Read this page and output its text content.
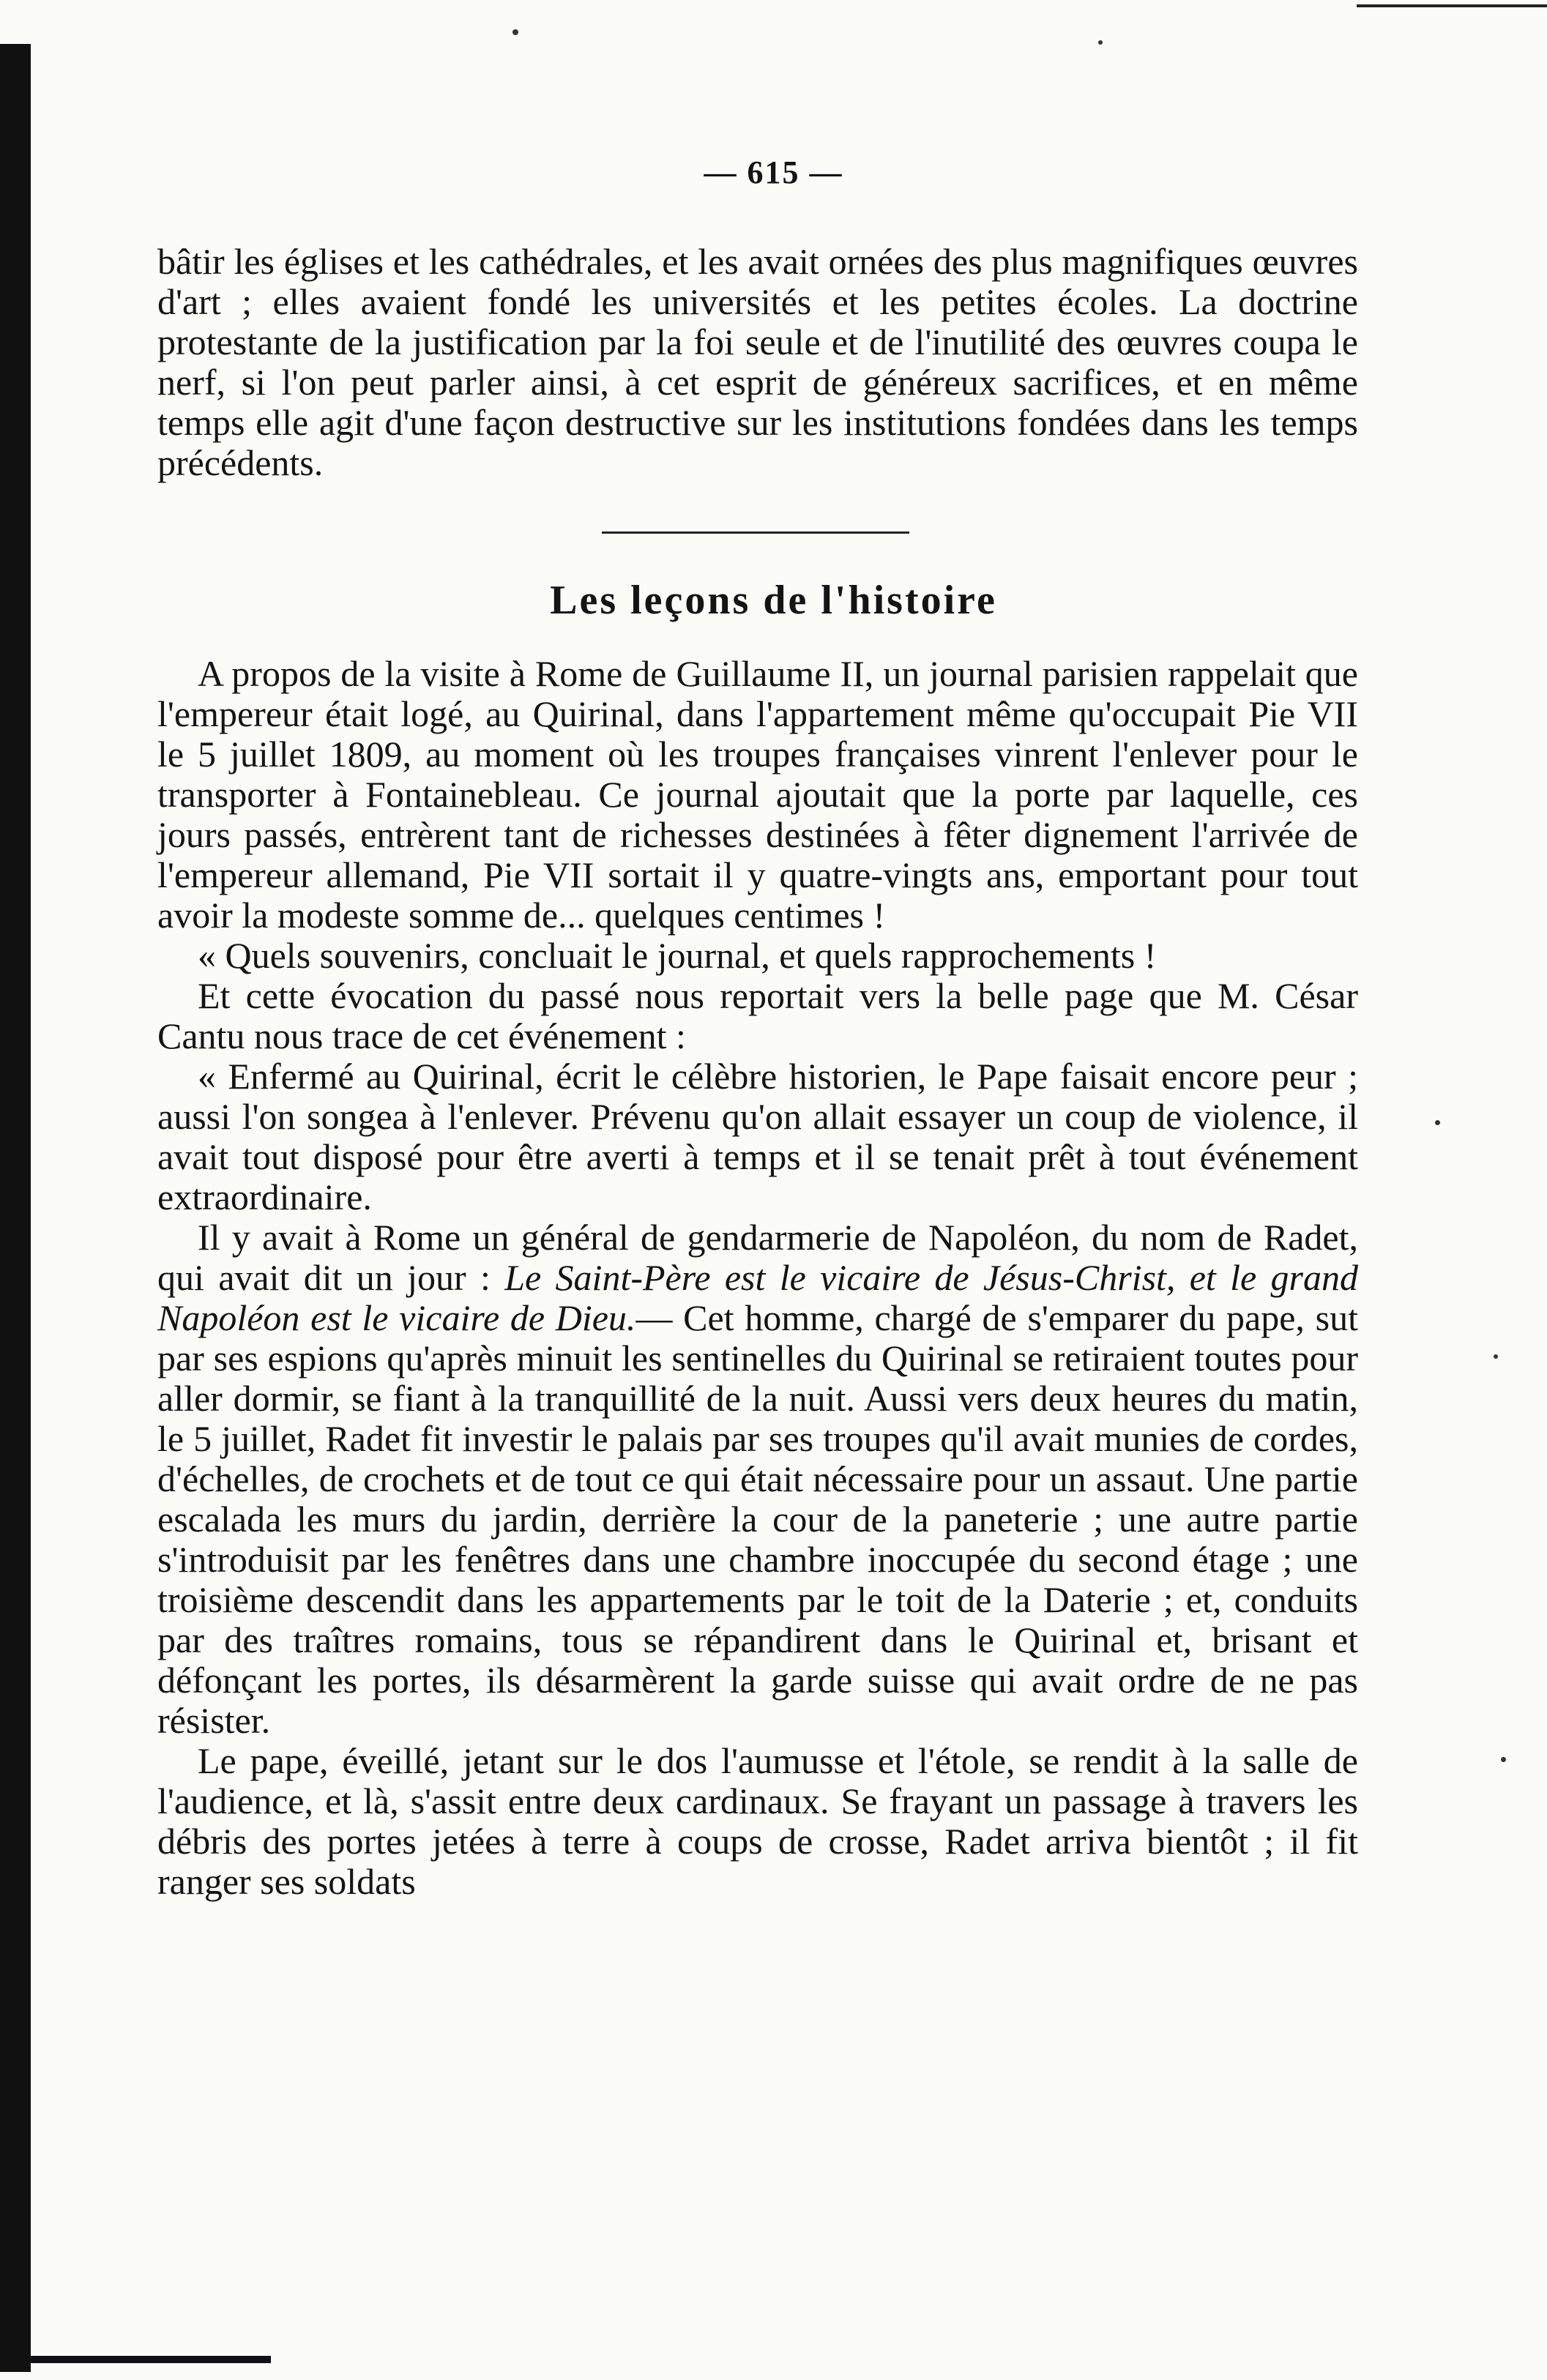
— 615 —

bâtir les églises et les cathédrales, et les avait ornées des plus magnifiques œuvres d'art ; elles avaient fondé les universités et les petites écoles. La doctrine protestante de la justification par la foi seule et de l'inutilité des œuvres coupa le nerf, si l'on peut parler ainsi, à cet esprit de généreux sacrifices, et en même temps elle agit d'une façon destructive sur les institutions fondées dans les temps précédents.

Les leçons de l'histoire

A propos de la visite à Rome de Guillaume II, un journal parisien rappelait que l'empereur était logé, au Quirinal, dans l'appartement même qu'occupait Pie VII le 5 juillet 1809, au moment où les troupes françaises vinrent l'enlever pour le transporter à Fontainebleau. Ce journal ajoutait que la porte par laquelle, ces jours passés, entrèrent tant de richesses destinées à fêter dignement l'arrivée de l'empereur allemand, Pie VII sortait il y quatre-vingts ans, emportant pour tout avoir la modeste somme de... quelques centimes !

« Quels souvenirs, concluait le journal, et quels rapprochements !

Et cette évocation du passé nous reportait vers la belle page que M. César Cantu nous trace de cet événement :

« Enfermé au Quirinal, écrit le célèbre historien, le Pape faisait encore peur ; aussi l'on songea à l'enlever. Prévenu qu'on allait essayer un coup de violence, il avait tout disposé pour être averti à temps et il se tenait prêt à tout événement extraordinaire.

Il y avait à Rome un général de gendarmerie de Napoléon, du nom de Radet, qui avait dit un jour : Le Saint-Père est le vicaire de Jésus-Christ, et le grand Napoléon est le vicaire de Dieu.— Cet homme, chargé de s'emparer du pape, sut par ses espions qu'après minuit les sentinelles du Quirinal se retiraient toutes pour aller dormir, se fiant à la tranquillité de la nuit. Aussi vers deux heures du matin, le 5 juillet, Radet fit investir le palais par ses troupes qu'il avait munies de cordes, d'échelles, de crochets et de tout ce qui était nécessaire pour un assaut. Une partie escalada les murs du jardin, derrière la cour de la paneterie ; une autre partie s'introduisit par les fenêtres dans une chambre inoccupée du second étage ; une troisième descendit dans les appartements par le toit de la Daterie ; et, conduits par des traîtres romains, tous se répandirent dans le Quirinal et, brisant et défonçant les portes, ils désarmèrent la garde suisse qui avait ordre de ne pas résister.

Le pape, éveillé, jetant sur le dos l'aumusse et l'étole, se rendit à la salle de l'audience, et là, s'assit entre deux cardinaux. Se frayant un passage à travers les débris des portes jetées à terre à coups de crosse, Radet arriva bientôt ; il fit ranger ses soldats
